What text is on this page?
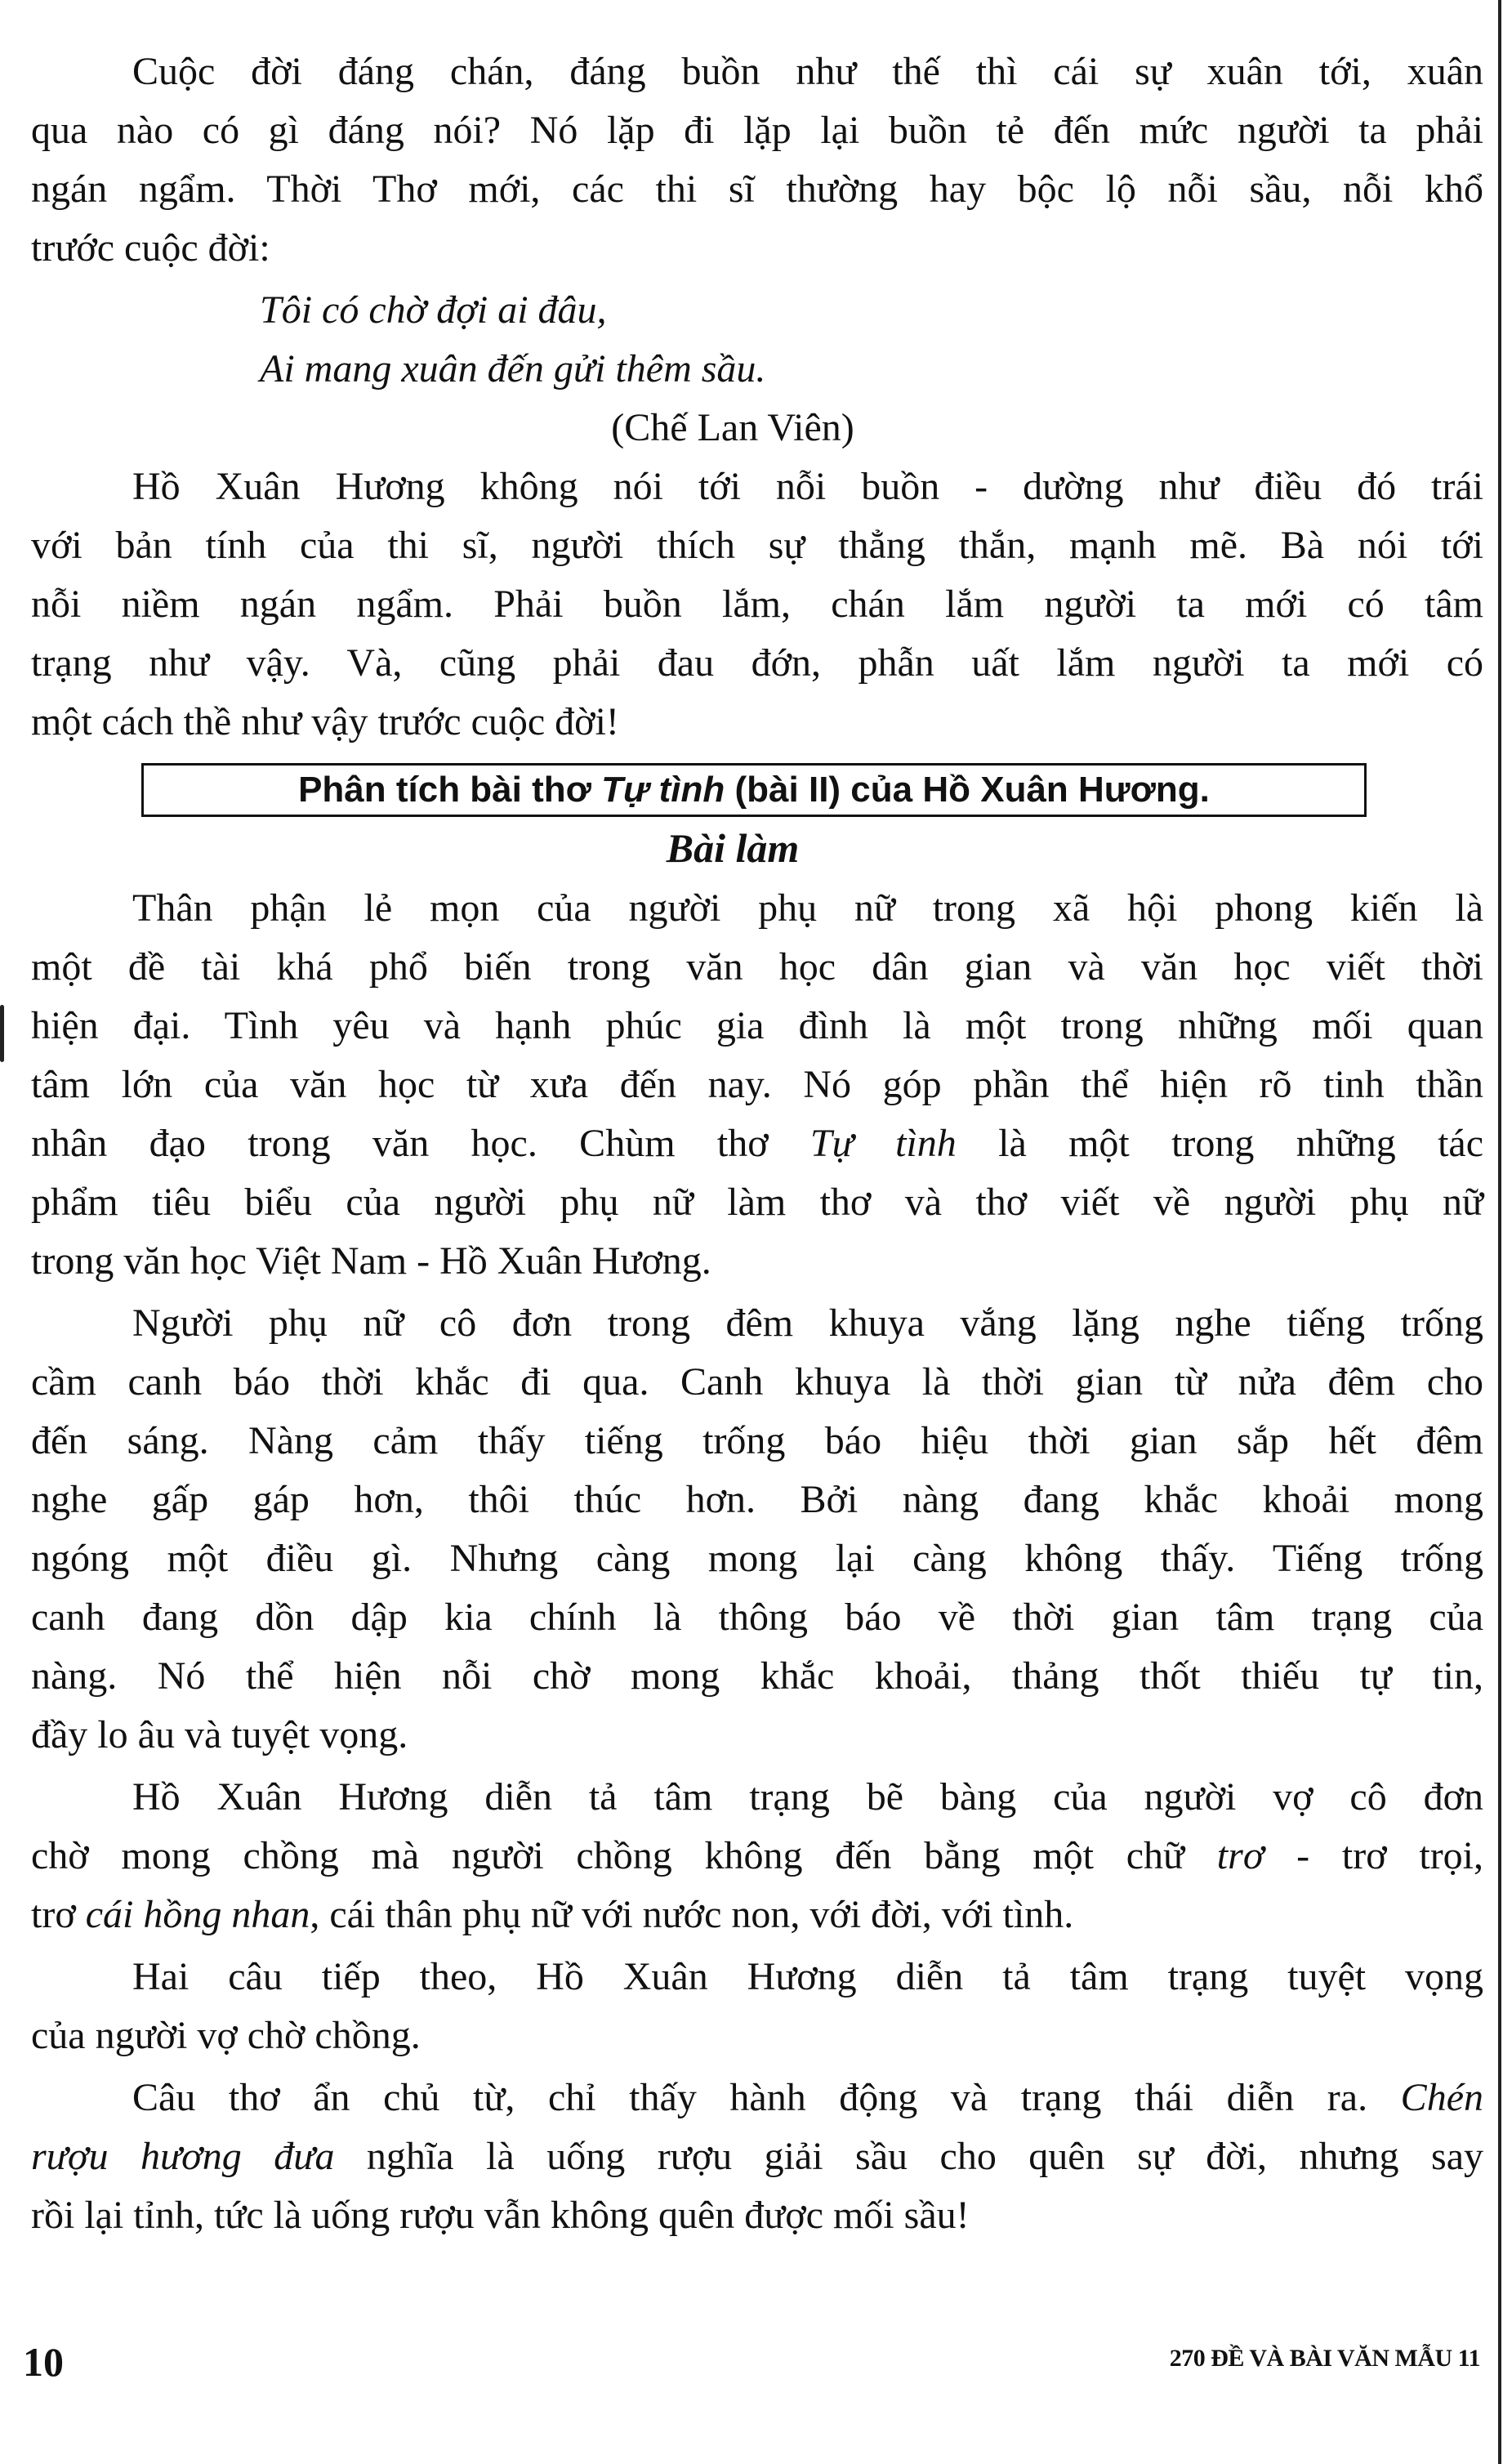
Cuộc đời đáng chán, đáng buồn như thế thì cái sự xuân tới, xuân
qua nào có gì đáng nói? Nó lặp đi lặp lại buồn tẻ đến mức người ta phải
ngán ngẩm. Thời Thơ mới, các thi sĩ thường hay bộc lộ nỗi sầu, nỗi khổ
trước cuộc đời:
Tôi có chờ đợi ai đâu,
Ai mang xuân đến gửi thêm sầu.
(Chế Lan Viên)
Hồ Xuân Hương không nói tới nỗi buồn - dường như điều đó trái
với bản tính của thi sĩ, người thích sự thẳng thắn, mạnh mẽ. Bà nói tới
nỗi niềm ngán ngẩm. Phải buồn lắm, chán lắm người ta mới có tâm
trạng như vậy. Và, cũng phải đau đớn, phẫn uất lắm người ta mới có
một cách thề như vậy trước cuộc đời!
Phân tích bài thơ Tự tình (bài II) của Hồ Xuân Hương.
Bài làm
Thân phận lẻ mọn của người phụ nữ trong xã hội phong kiến là
một đề tài khá phổ biến trong văn học dân gian và văn học viết thời
hiện đại. Tình yêu và hạnh phúc gia đình là một trong những mối quan
tâm lớn của văn học từ xưa đến nay. Nó góp phần thể hiện rõ tinh thần
nhân đạo trong văn học. Chùm thơ Tự tình là một trong những tác
phẩm tiêu biểu của người phụ nữ làm thơ và thơ viết về người phụ nữ
trong văn học Việt Nam - Hồ Xuân Hương.
Người phụ nữ cô đơn trong đêm khuya vắng lặng nghe tiếng trống
cầm canh báo thời khắc đi qua. Canh khuya là thời gian từ nửa đêm cho
đến sáng. Nàng cảm thấy tiếng trống báo hiệu thời gian sắp hết đêm
nghe gấp gáp hơn, thôi thúc hơn. Bởi nàng đang khắc khoải mong
ngóng một điều gì. Nhưng càng mong lại càng không thấy. Tiếng trống
canh đang dồn dập kia chính là thông báo về thời gian tâm trạng của
nàng. Nó thể hiện nỗi chờ mong khắc khoải, thảng thốt thiếu tự tin,
đầy lo âu và tuyệt vọng.
Hồ Xuân Hương diễn tả tâm trạng bẽ bàng của người vợ cô đơn
chờ mong chồng mà người chồng không đến bằng một chữ trơ - trơ trọi,
trơ cái hồng nhan, cái thân phụ nữ với nước non, với đời, với tình.
Hai câu tiếp theo, Hồ Xuân Hương diễn tả tâm trạng tuyệt vọng
của người vợ chờ chồng.
Câu thơ ẩn chủ từ, chỉ thấy hành động và trạng thái diễn ra. Chén
rượu hương đưa nghĩa là uống rượu giải sầu cho quên sự đời, nhưng say
rồi lại tỉnh, tức là uống rượu vẫn không quên được mối sầu!
10	270 ĐỀ VÀ BÀI VĂN MẪU 11
